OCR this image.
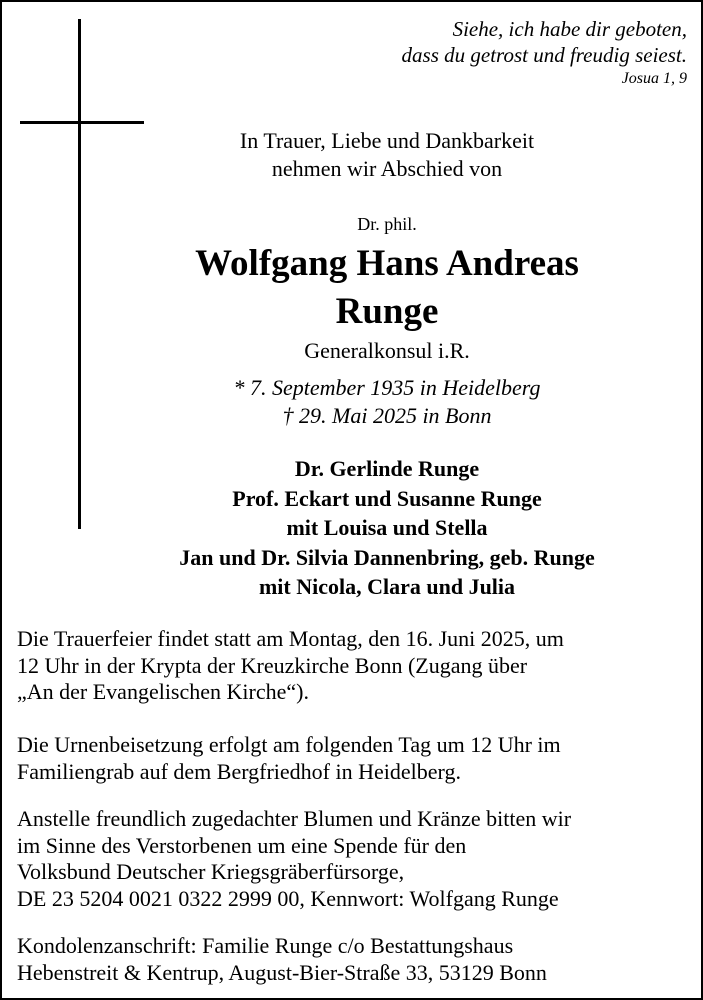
Siehe, ich habe dir geboten,
dass du getrost und freudig seiest.
Josua 1, 9
In Trauer, Liebe und Dankbarkeit
nehmen wir Abschied von
Dr. phil.
Wolfgang Hans Andreas
Runge
Generalkonsul i.R.
* 7. September 1935 in Heidelberg
† 29. Mai 2025 in Bonn
Dr. Gerlinde Runge
Prof. Eckart und Susanne Runge
mit Louisa und Stella
Jan und Dr. Silvia Dannenbring, geb. Runge
mit Nicola, Clara und Julia
Die Trauerfeier findet statt am Montag, den 16. Juni 2025, um
12 Uhr in der Krypta der Kreuzkirche Bonn (Zugang über
„An der Evangelischen Kirche“).
Die Urnenbeisetzung erfolgt am folgenden Tag um 12 Uhr im
Familiengrab auf dem Bergfriedhof in Heidelberg.
Anstelle freundlich zugedachter Blumen und Kränze bitten wir
im Sinne des Verstorbenen um eine Spende für den
Volksbund Deutscher Kriegsgräberfürsorge,
DE 23 5204 0021 0322 2999 00, Kennwort: Wolfgang Runge
Kondolenzanschrift: Familie Runge c/o Bestattungshaus
Hebenstreit & Kentrup, August-Bier-Straße 33, 53129 Bonn
